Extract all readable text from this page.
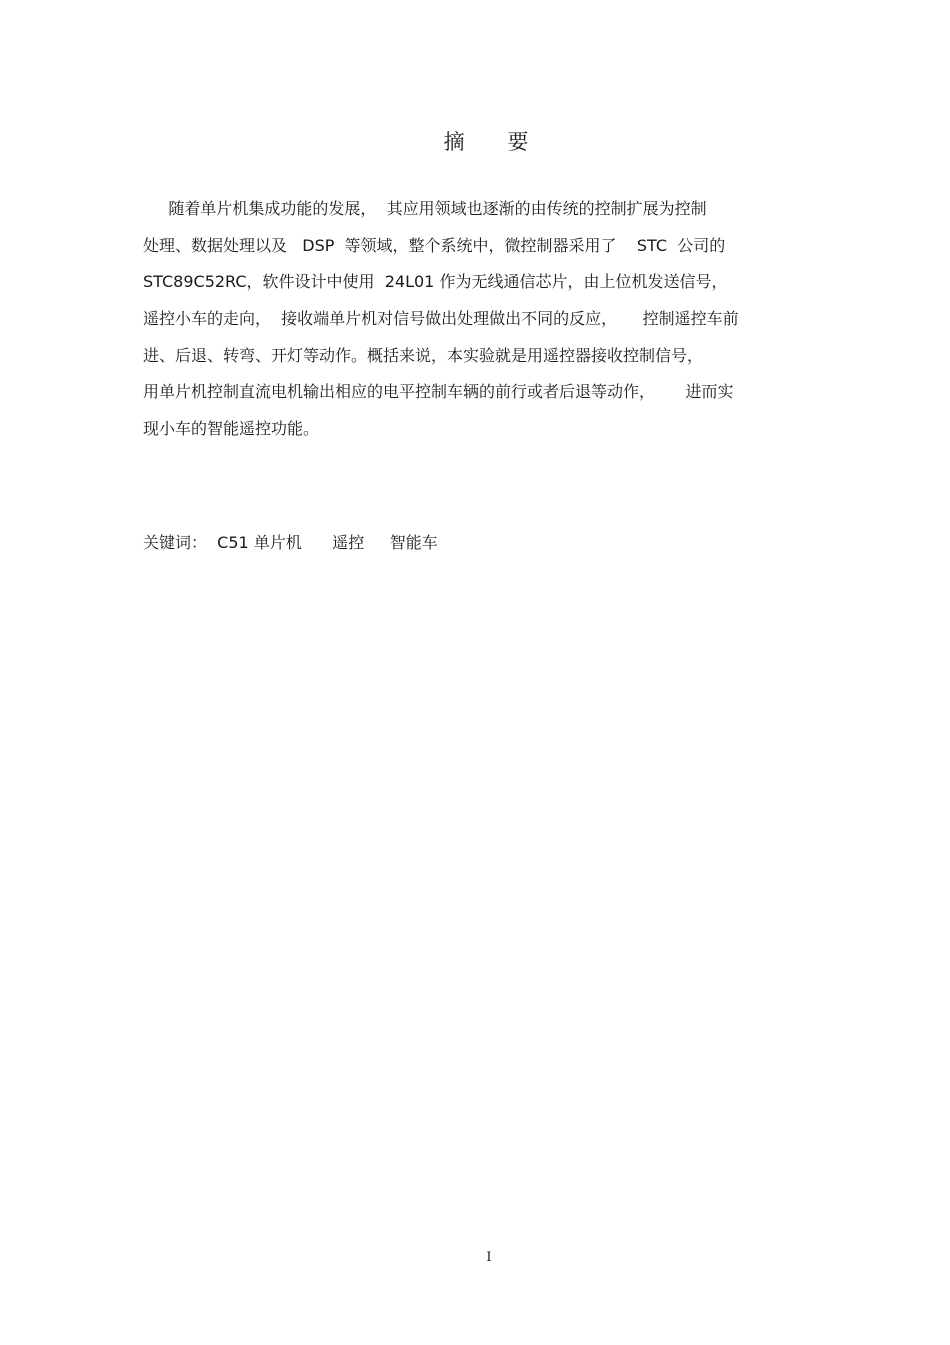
摘 要
随着单片机集成功能的发展，  其应用领域也逐渐的由传统的控制扩展为控制
处理、数据处理以及   DSP  等领域，整个系统中，微控制器采用了    STC  公司的
STC89C52RC，软件设计中使用  24L01 作为无线通信芯片，由上位机发送信号，
遥控小车的走向，  接收端单片机对信号做出处理做出不同的反应，     控制遥控车前
进、后退、转弯、开灯等动作。概括来说，本实验就是用遥控器接收控制信号，
用单片机控制直流电机输出相应的电平控制车辆的前行或者后退等动作，      进而实
现小车的智能遥控功能。
关键词：  C51 单片机      遥控     智能车
I
